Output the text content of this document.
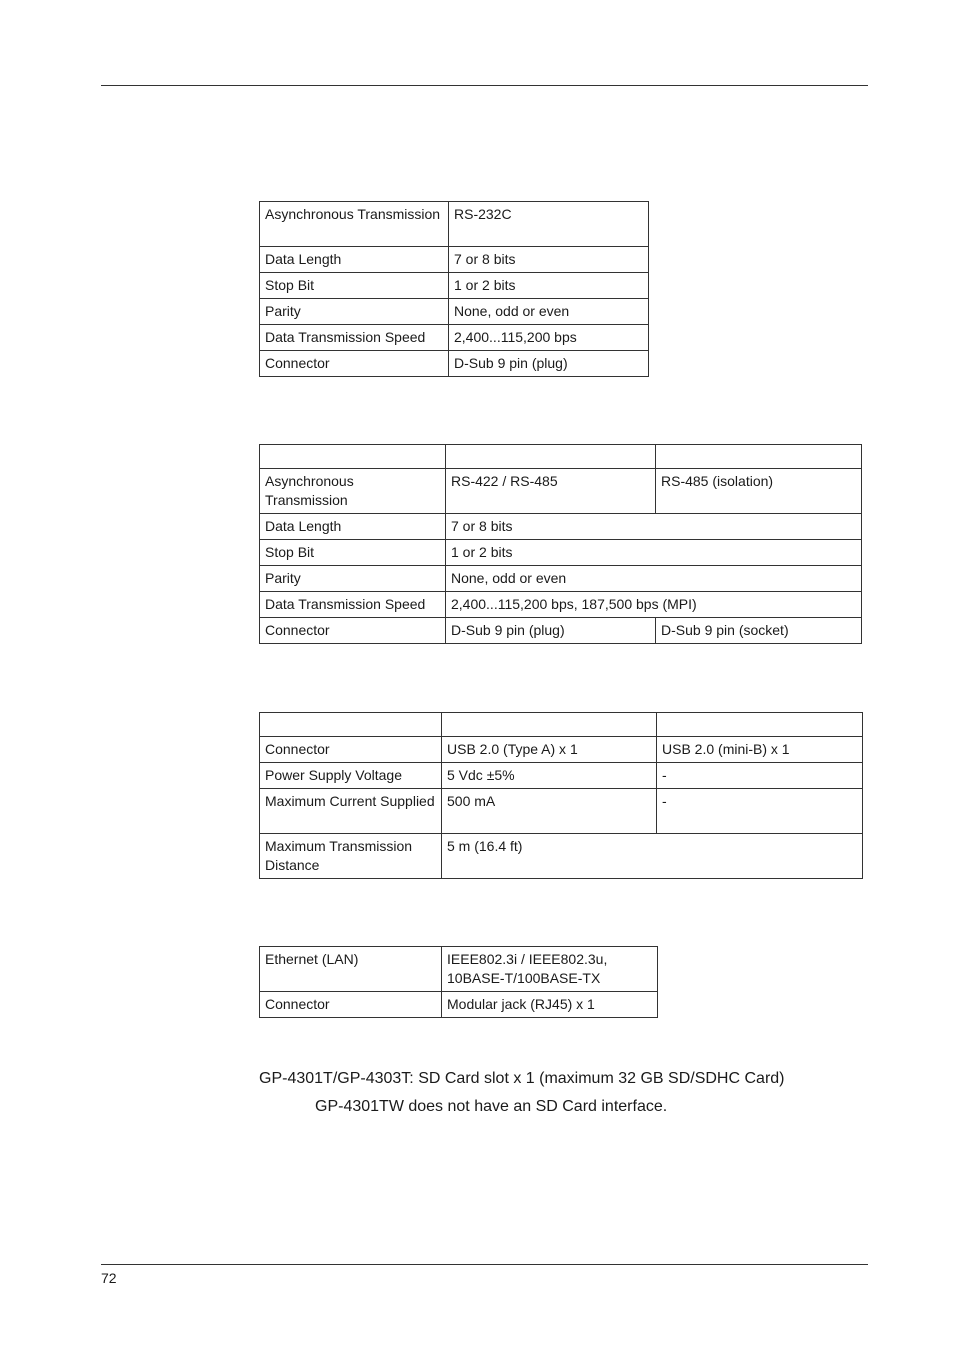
Asynchronous Transmission	RS-232C
Data Length	7 or 8 bits
Stop Bit	1 or 2 bits
Parity	None, odd or even
Data Transmission Speed	2,400...115,200 bps
Connector	D-Sub 9 pin (plug)

Asynchronous Transmission	RS-422 / RS-485	RS-485 (isolation)
Data Length	7 or 8 bits	
Stop Bit	1 or 2 bits	
Parity	None, odd or even	
Data Transmission Speed	2,400...115,200 bps, 187,500 bps (MPI)	
Connector	D-Sub 9 pin (plug)	D-Sub 9 pin (socket)

Connector	USB 2.0 (Type A) x 1	USB 2.0 (mini-B) x 1
Power Supply Voltage	5 Vdc ±5%	-
Maximum Current Supplied	500 mA	-
Maximum Transmission Distance	5 m (16.4 ft)	
Ethernet (LAN)	IEEE802.3i / IEEE802.3u, 10BASE-T/100BASE-TX
Connector	Modular jack (RJ45) x 1
GP-4301T/GP-4303T: SD Card slot x 1 (maximum 32 GB SD/SDHC Card)
GP-4301TW does not have an SD Card interface.
72
